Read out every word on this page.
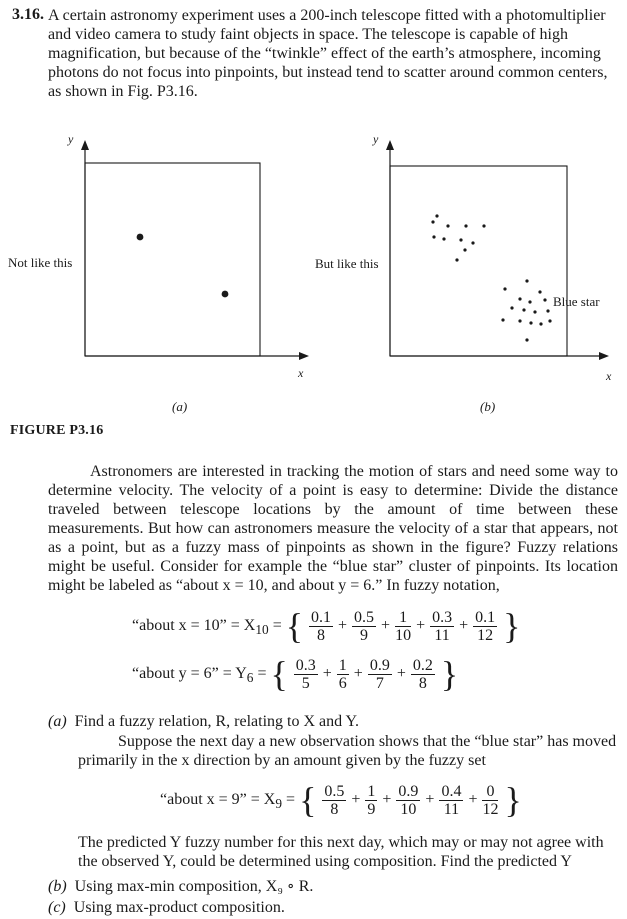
3.16. A certain astronomy experiment uses a 200-inch telescope fitted with a photomultiplier and video camera to study faint objects in space. The telescope is capable of high magnification, but because of the “twinkle” effect of the earth’s atmosphere, incoming photons do not focus into pinpoints, but instead tend to scatter around common centers, as shown in Fig. P3.16.
y
x
Not like this
(a)
y
x
But like this
Blue star
(b)
FIGURE P3.16
Astronomers are interested in tracking the motion of stars and need some way to determine velocity. The velocity of a point is easy to determine: Divide the distance traveled between telescope locations by the amount of time between these measurements. But how can astronomers measure the velocity of a star that appears, not as a point, but as a fuzzy mass of pinpoints as shown in the figure? Fuzzy relations might be useful. Consider for example the “blue star” cluster of pinpoints. Its location might be labeled as “about x = 10, and about y = 6.” In fuzzy notation,
“about x = 10” = $X_{10}$ = { $\frac{0.1}{8} + \frac{0.5}{9} + \frac{1}{10} + \frac{0.3}{11} + \frac{0.1}{12}$ }
“about y = 6” = $Y_6$ = { $\frac{0.3}{5} + \frac{1}{6} + \frac{0.9}{7} + \frac{0.2}{8}$ }
(a) Find a fuzzy relation, R, relating to X and Y.
Suppose the next day a new observation shows that the “blue star” has moved primarily in the x direction by an amount given by the fuzzy set
“about x = 9” = $X_9$ = { $\frac{0.5}{8} + \frac{1}{9} + \frac{0.9}{10} + \frac{0.4}{11} + \frac{0}{12}$ }
The predicted Y fuzzy number for this next day, which may or may not agree with the observed Y, could be determined using composition. Find the predicted Y
(b) Using max-min composition, X₉ ∘ R.
(c) Using max-product composition.
